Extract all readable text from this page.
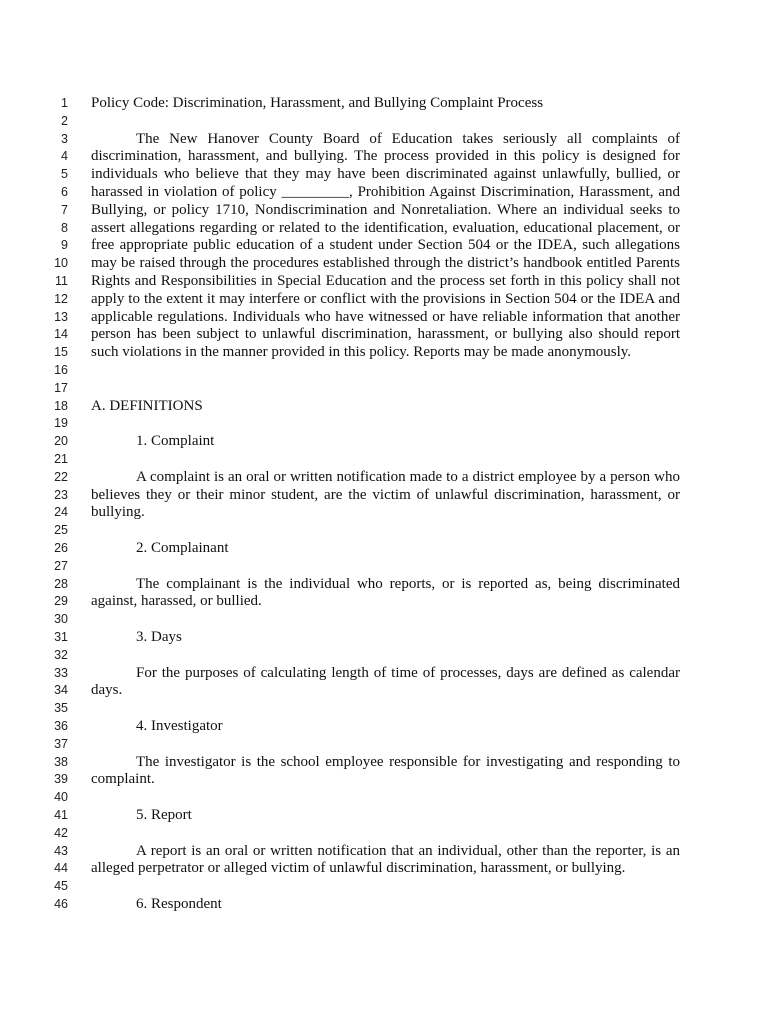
1 Policy Code: Discrimination, Harassment, and Bullying Complaint Process
2
3	The New Hanover County Board of Education takes seriously all complaints of
4 discrimination, harassment, and bullying. The process provided in this policy is designed for
5 individuals who believe that they may have been discriminated against unlawfully, bullied, or
6 harassed in violation of policy _________, Prohibition Against Discrimination, Harassment, and
7 Bullying, or policy 1710, Nondiscrimination and Nonretaliation. Where an individual seeks to
8 assert allegations regarding or related to the identification, evaluation, educational placement, or
9 free appropriate public education of a student under Section 504 or the IDEA, such allegations
10 may be raised through the procedures established through the district’s handbook entitled Parents
11 Rights and Responsibilities in Special Education and the process set forth in this policy shall not
12 apply to the extent it may interfere or conflict with the provisions in Section 504 or the IDEA and
13 applicable regulations. Individuals who have witnessed or have reliable information that another
14 person has been subject to unlawful discrimination, harassment, or bullying also should report
15 such violations in the manner provided in this policy. Reports may be made anonymously.
16
17
18 A. DEFINITIONS
19
20	1. Complaint
21
22	A complaint is an oral or written notification made to a district employee by a person who
23 believes they or their minor student, are the victim of unlawful discrimination, harassment, or
24 bullying.
25
26	2. Complainant
27
28	The complainant is the individual who reports, or is reported as, being discriminated
29 against, harassed, or bullied.
30
31	3. Days
32
33	For the purposes of calculating length of time of processes, days are defined as calendar
34 days.
35
36	4. Investigator
37
38	The investigator is the school employee responsible for investigating and responding to
39 complaint.
40
41	5. Report
42
43	A report is an oral or written notification that an individual, other than the reporter, is an
44 alleged perpetrator or alleged victim of unlawful discrimination, harassment, or bullying.
45
46	6. Respondent
